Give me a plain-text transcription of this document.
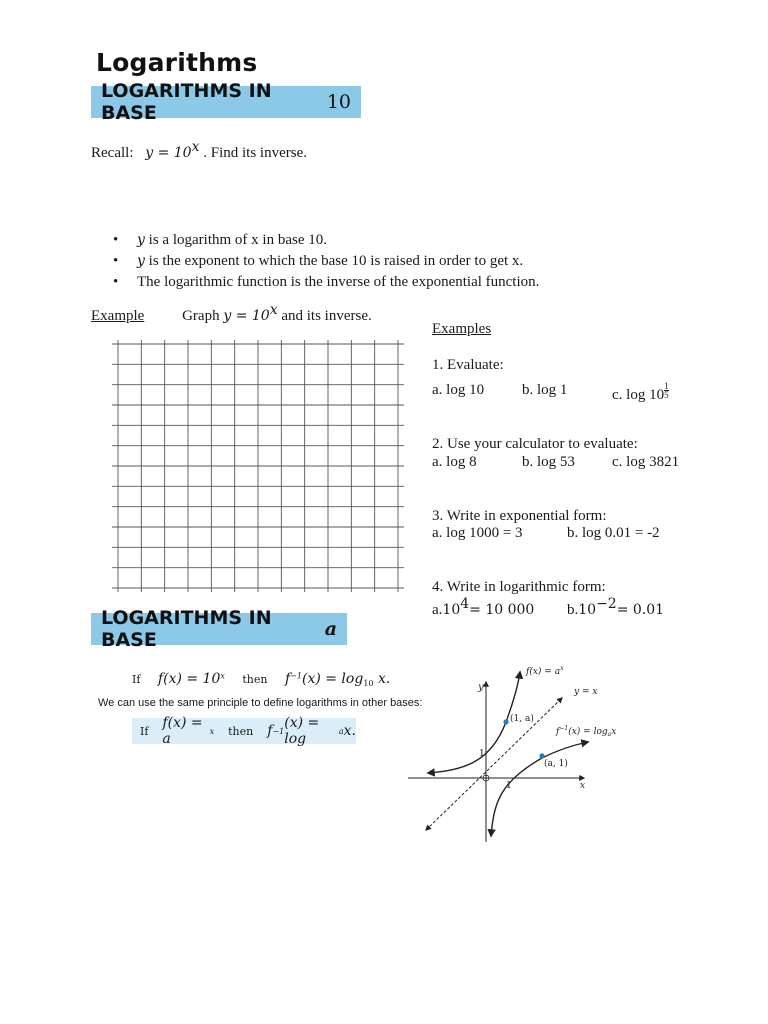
Logarithms
LOGARITHMS IN BASE	10
Recall: $y = 10^x$ . Find its inverse.
• y is a logarithm of x in base 10.
• y is the exponent to which the base 10 is raised in order to get x.
• The logarithmic function is the inverse of the exponential function.
Example	Graph $y = 10^x$ and its inverse.
Examples
1. Evaluate:
a. log 10	b. log 1	c. log 10 $^{\frac{1}{5}}$
2. Use your calculator to evaluate:
a. log 8	b. log 53	c. log 3821
3. Write in exponential form:
a. log 1000 = 3	b. log 0.01 = -2
4. Write in logarithmic form:
$a.10^4= 10$ 000	$b.10^{-2}= 0.01$
LOGARITHMS IN BASE	a
If $f(x) = 10^x$ then $f^{-1}(x) = \log_{10} x$.
We can use the same principle to define logarithms in other bases:
If f(x) = a	x then f −1 (x) = log	a x.
y
x
1
1
(1, a)
(a, 1)
$f(x) = a^x$
y = x
$f^{-1}(x) = \log_ax$
